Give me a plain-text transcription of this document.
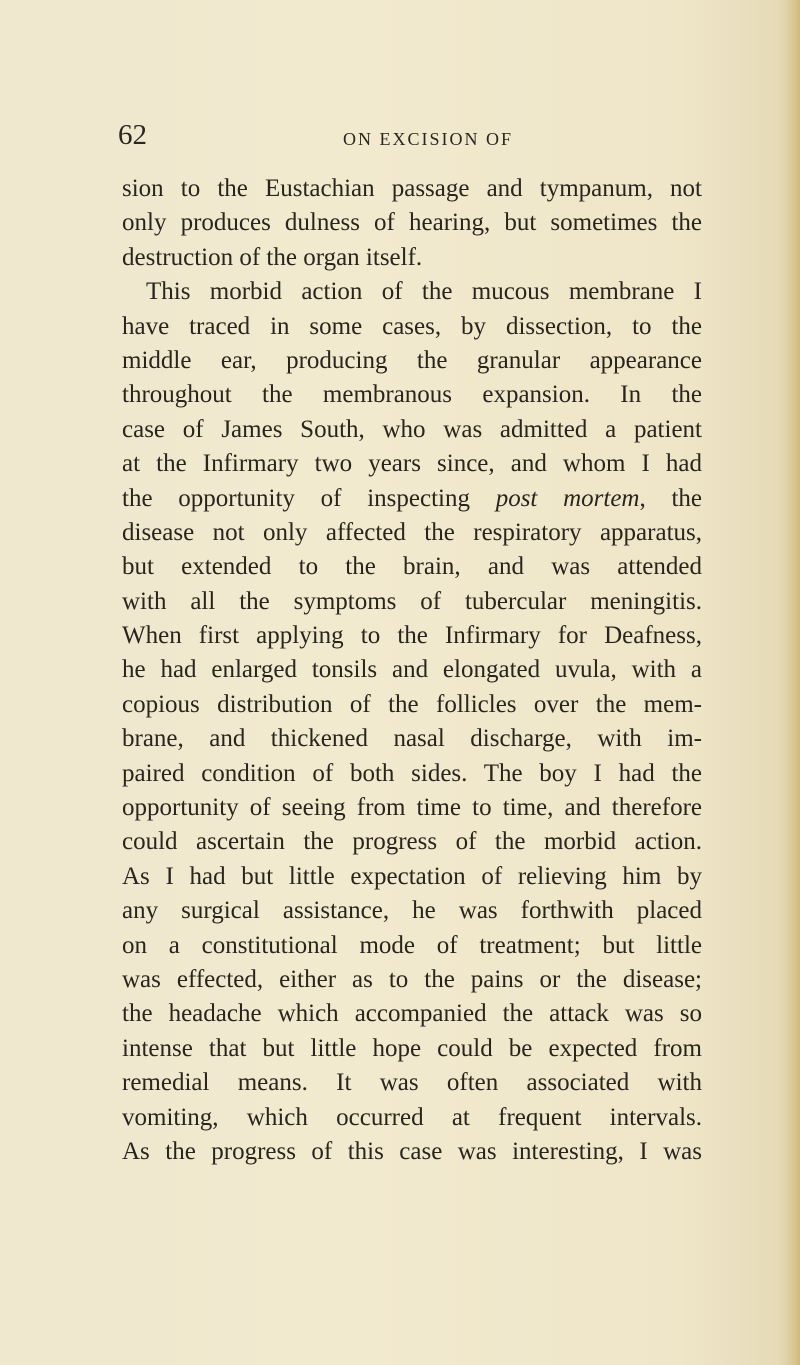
62	ON EXCISION OF
sion to the Eustachian passage and tympanum, not
only produces dulness of hearing, but sometimes the
destruction of the organ itself.
This morbid action of the mucous membrane I
have traced in some cases, by dissection, to the
middle ear, producing the granular appearance
throughout the membranous expansion. In the
case of James South, who was admitted a patient
at the Infirmary two years since, and whom I had
the opportunity of inspecting post mortem, the
disease not only affected the respiratory apparatus,
but extended to the brain, and was attended
with all the symptoms of tubercular meningitis.
When first applying to the Infirmary for Deafness,
he had enlarged tonsils and elongated uvula, with a
copious distribution of the follicles over the mem-
brane, and thickened nasal discharge, with im-
paired condition of both sides. The boy I had the
opportunity of seeing from time to time, and therefore
could ascertain the progress of the morbid action.
As I had but little expectation of relieving him by
any surgical assistance, he was forthwith placed
on a constitutional mode of treatment; but little
was effected, either as to the pains or the disease;
the headache which accompanied the attack was so
intense that but little hope could be expected from
remedial means. It was often associated with
vomiting, which occurred at frequent intervals.
As the progress of this case was interesting, I was
